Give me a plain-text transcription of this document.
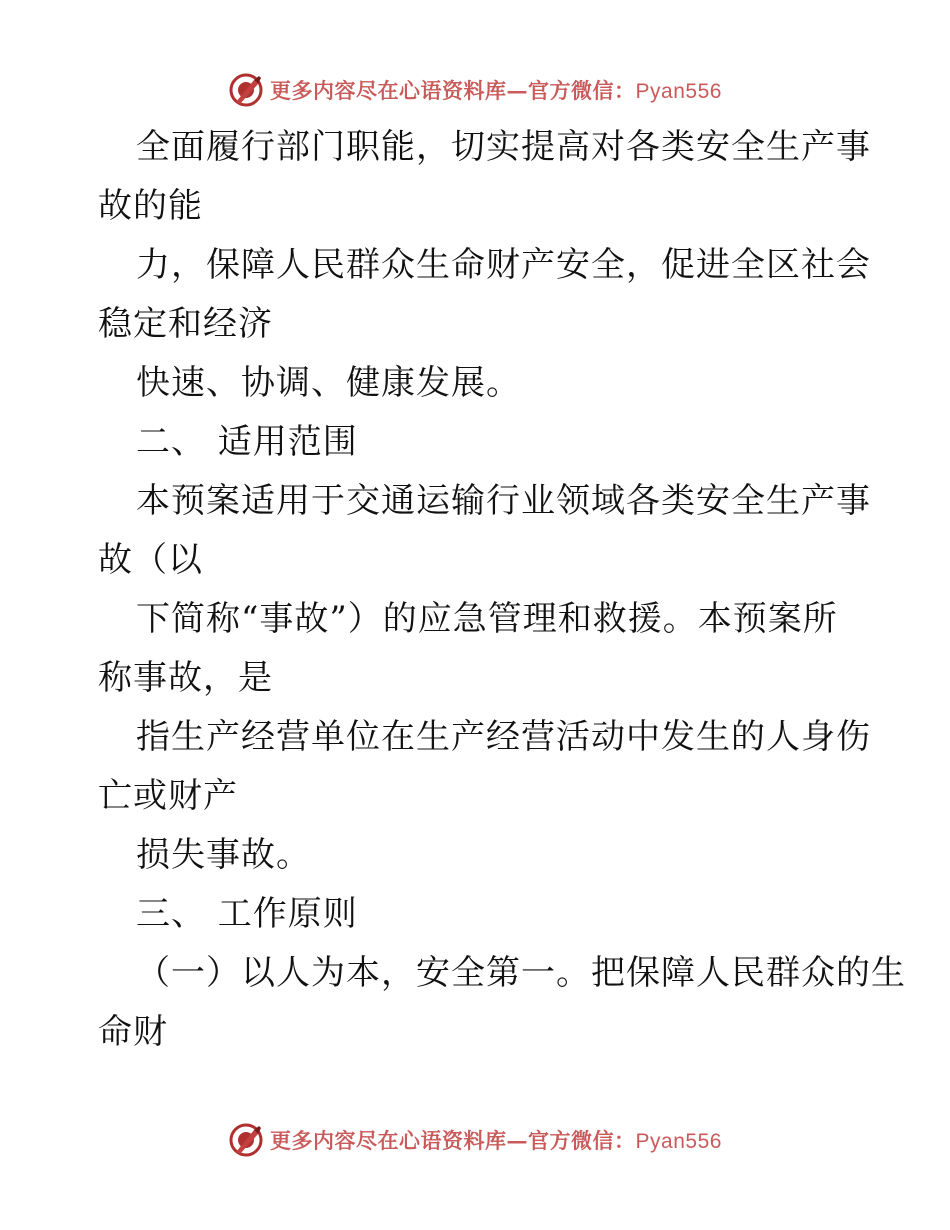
更多内容尽在心语资料库—官方微信：Pyan556
全面履行部门职能，切实提高对各类安全生产事
故的能
力，保障人民群众生命财产安全，促进全区社会
稳定和经济
快速、协调、健康发展。
二、 适用范围
本预案适用于交通运输行业领域各类安全生产事
故（以
下简称“事故”）的应急管理和救援。本预案所
称事故，是
指生产经营单位在生产经营活动中发生的人身伤
亡或财产
损失事故。
三、 工作原则
（一）以人为本，安全第一。把保障人民群众的生
命财
更多内容尽在心语资料库—官方微信：Pyan556
